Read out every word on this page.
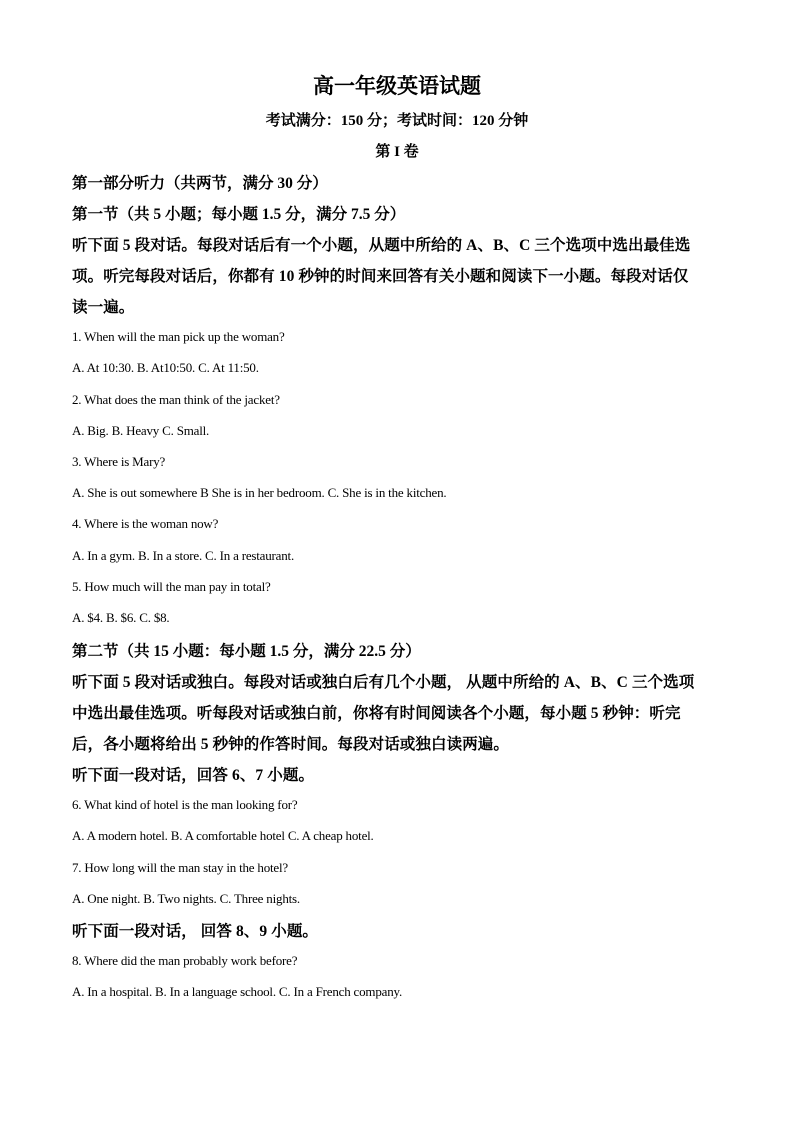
高一年级英语试题
考试满分：150 分；考试时间：120 分钟
第 I 卷
第一部分听力（共两节，满分 30 分）
第一节（共 5 小题；每小题 1.5 分，满分 7.5 分）
听下面 5 段对话。每段对话后有一个小题，从题中所给的 A、B、C 三个选项中选出最佳选
项。听完每段对话后，你都有 10 秒钟的时间来回答有关小题和阅读下一小题。每段对话仅
读一遍。
1. When will the man pick up the woman?
A. At 10:30. B. At10:50. C. At 11:50.
2. What does the man think of the jacket?
A. Big. B. Heavy C. Small.
3. Where is Mary?
A. She is out somewhere B She is in her bedroom. C. She is in the kitchen.
4. Where is the woman now?
A. In a gym. B. In a store. C. In a restaurant.
5. How much will the man pay in total?
A. $4. B. $6. C. $8.
第二节（共 15 小题：每小题 1.5 分，满分 22.5 分）
听下面 5 段对话或独白。每段对话或独白后有几个小题， 从题中所给的 A、B、C 三个选项
中选出最佳选项。听每段对话或独白前，你将有时间阅读各个小题，每小题 5 秒钟：听完
后，各小题将给出 5 秒钟的作答时间。每段对话或独白读两遍。
听下面一段对话，回答 6、7 小题。
6. What kind of hotel is the man looking for?
A. A modern hotel. B. A comfortable hotel C. A cheap hotel.
7. How long will the man stay in the hotel?
A. One night. B. Two nights. C. Three nights.
听下面一段对话， 回答 8、9 小题。
8. Where did the man probably work before?
A. In a hospital. B. In a language school. C. In a French company.
